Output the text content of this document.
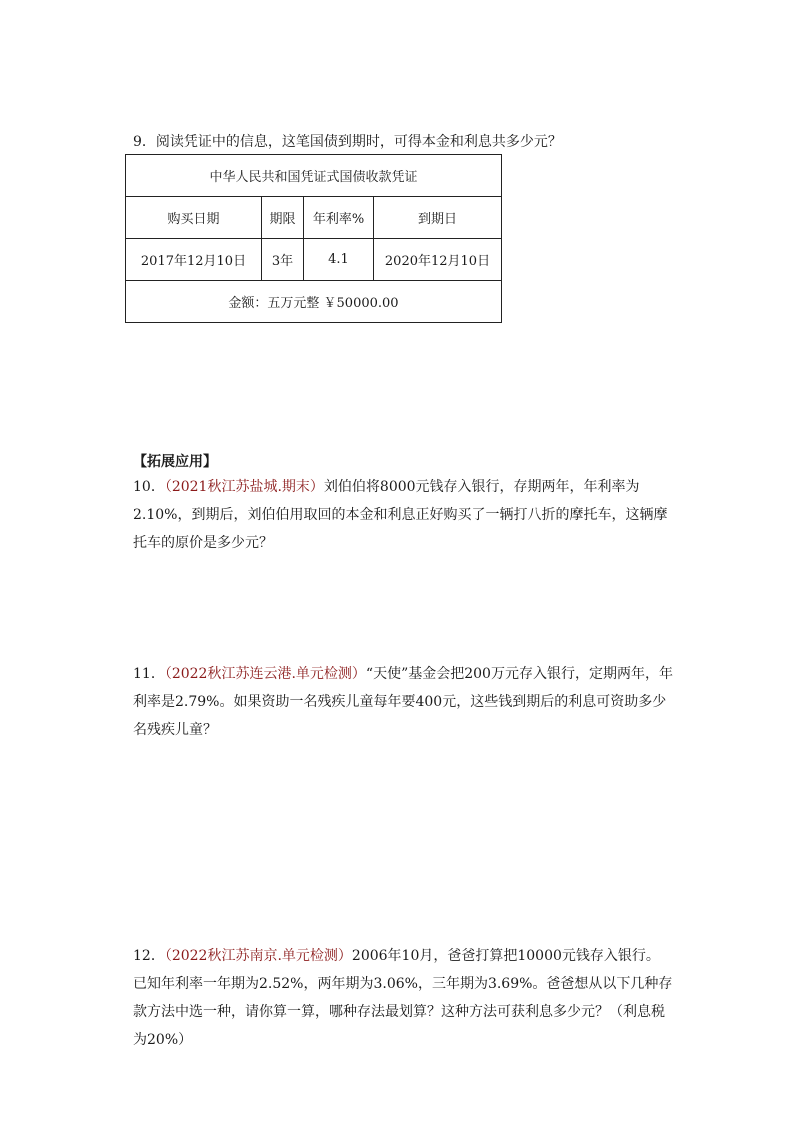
9．阅读凭证中的信息，这笔国债到期时，可得本金和利息共多少元？
中华人民共和国凭证式国债收款凭证			
购买日期	期限	年利率%	到期日
2017年12月10日	3年	4.1	2020年12月10日
金额：五万元整 ￥50000.00			
【拓展应用】
10．（2021秋江苏盐城.期末）刘伯伯将8000元钱存入银行，存期两年，年利率为2.10%，到期后，刘伯伯用取回的本金和利息正好购买了一辆打八折的摩托车，这辆摩托车的原价是多少元？
11．（2022秋江苏连云港.单元检测）“天使”基金会把200万元存入银行，定期两年，年利率是2.79%。如果资助一名残疾儿童每年要400元，这些钱到期后的利息可资助多少名残疾儿童？
12．（2022秋江苏南京.单元检测）2006年10月，爸爸打算把10000元钱存入银行。已知年利率一年期为2.52%，两年期为3.06%，三年期为3.69%。爸爸想从以下几种存款方法中选一种，请你算一算，哪种存法最划算？这种方法可获利息多少元？（利息税为20%）
